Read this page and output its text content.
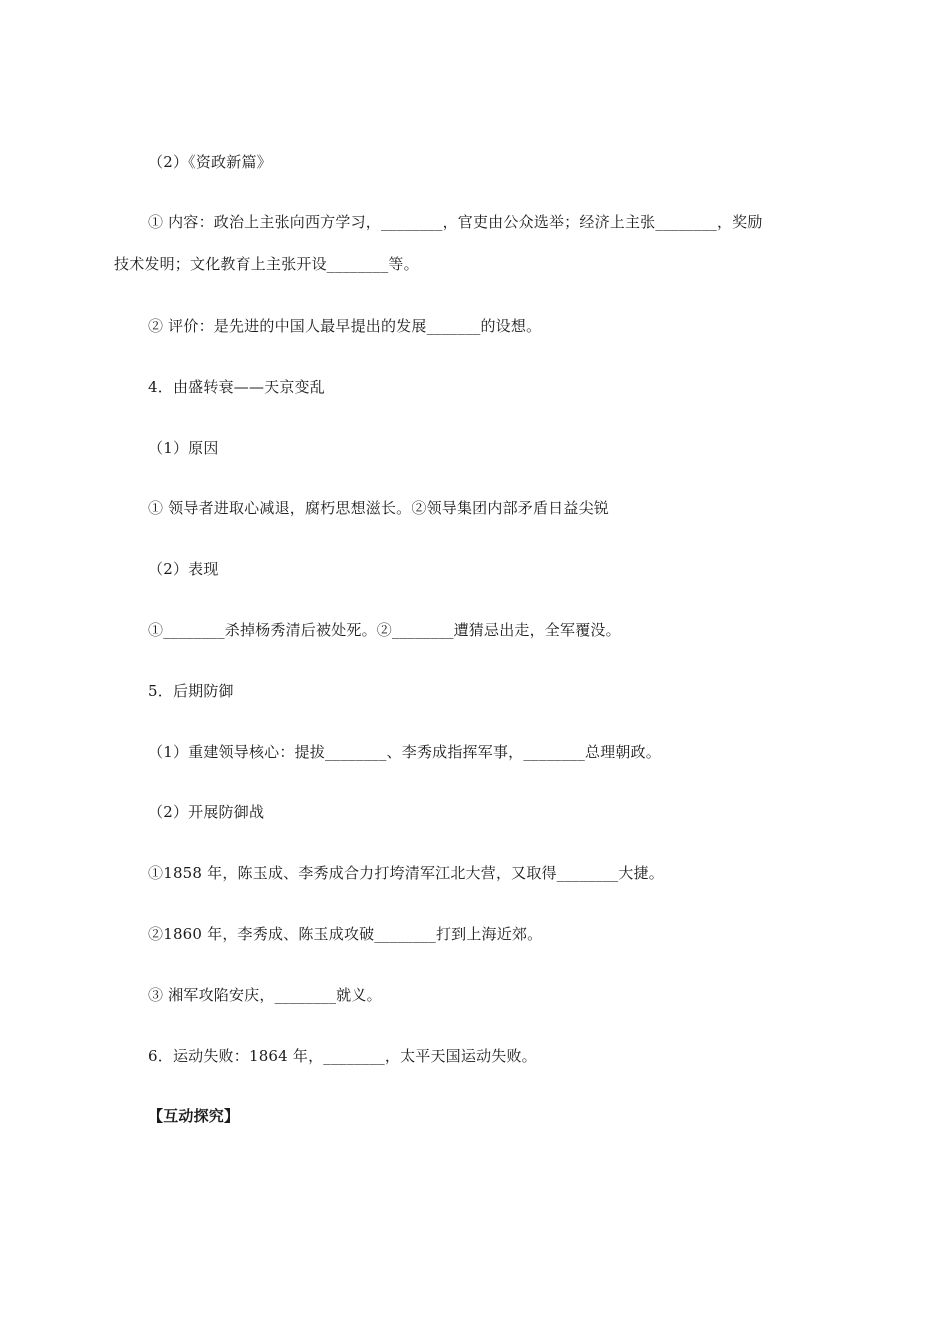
（2）《资政新篇》
① 内容：政治上主张向西方学习，________，官吏由公众选举；经济上主张________，奖励
技术发明；文化教育上主张开设________等。
② 评价：是先进的中国人最早提出的发展_______的设想。
4．由盛转衰——天京变乱
（1）原因
① 领导者进取心减退，腐朽思想滋长。②领导集团内部矛盾日益尖锐
（2）表现
①________杀掉杨秀清后被处死。②________遭猜忌出走，全军覆没。
5．后期防御
（1）重建领导核心：提拔________、李秀成指挥军事，________总理朝政。
（2）开展防御战
①1858 年，陈玉成、李秀成合力打垮清军江北大营，又取得________大捷。
②1860 年，李秀成、陈玉成攻破________打到上海近郊。
③ 湘军攻陷安庆，________就义。
6．运动失败：1864 年，________，太平天国运动失败。
【互动探究】
